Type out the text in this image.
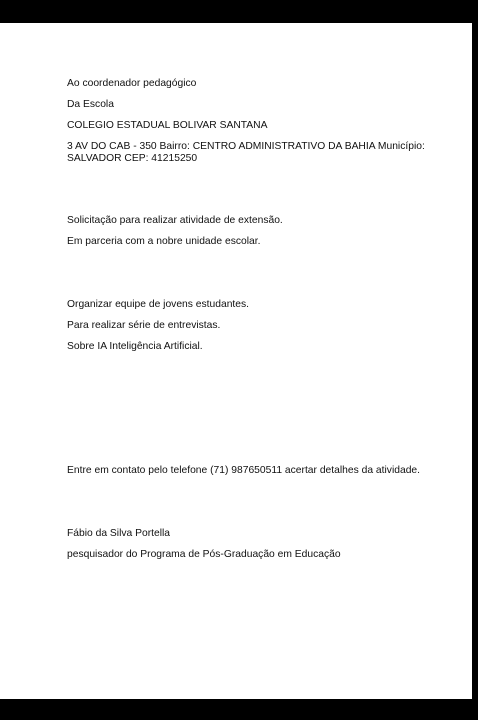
Ao coordenador pedagógico
Da Escola
COLEGIO ESTADUAL BOLIVAR SANTANA
3 AV DO CAB - 350 Bairro: CENTRO ADMINISTRATIVO DA BAHIA Município:
SALVADOR CEP: 41215250
Solicitação para realizar atividade de extensão.
Em parceria com a nobre unidade escolar.
Organizar equipe de jovens estudantes.
Para realizar série de entrevistas.
Sobre IA Inteligência Artificial.
Entre em contato pelo telefone (71) 987650511 acertar detalhes da atividade.
Fábio da Silva Portella
pesquisador do Programa de Pós-Graduação em Educação
